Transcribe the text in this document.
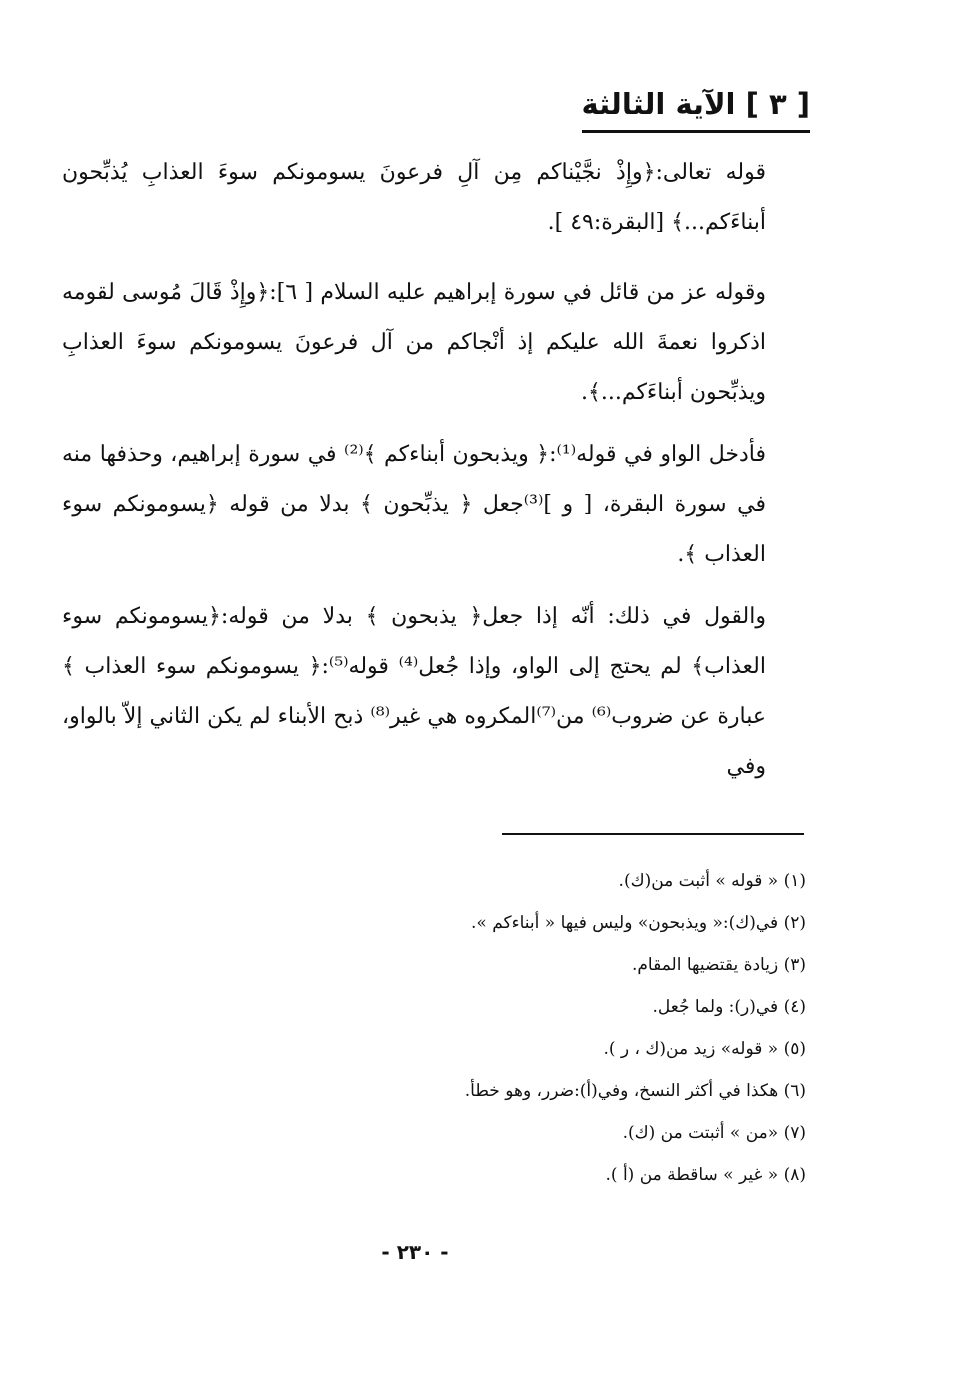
[ ٣ ] الآية الثالثة

قوله تعالى:﴿وإِذْ نجَّيْناكم مِن آلِ فرعونَ يسومونكم سوءَ العذابِ يُذبِّحون أبناءَكم...﴾ [البقرة:٤٩ ].

وقوله عز من قائل في سورة إبراهيم عليه السلام [ ٦]:﴿وإِذْ قَالَ مُوسى لقومه اذكروا نعمةَ الله عليكم إذ أنْجاكم من آل فرعونَ يسومونكم سوءَ العذابِ ويذبِّحون أبناءَكم...﴾.

فأدخل الواو في قوله⁽¹⁾:﴿ ويذبحون أبناءكم ﴾⁽²⁾ في سورة إبراهيم، وحذفها منه في سورة البقرة، [ و ]⁽³⁾جعل ﴿ يذبِّحون ﴾ بدلا من قوله ﴿يسومونكم سوء العذاب ﴾.

والقول في ذلك: أنّه إذا جعل﴿ يذبحون ﴾ بدلا من قوله:﴿يسومونكم سوء العذاب﴾ لم يحتج إلى الواو، وإذا جُعل⁽⁴⁾ قوله⁽⁵⁾:﴿ يسومونكم سوء العذاب ﴾ عبارة عن ضروب⁽⁶⁾ من⁽⁷⁾المكروه هي غير⁽⁸⁾ ذبح الأبناء لم يكن الثاني إلاّ بالواو، وفي

(١) « قوله » أثبت من(ك).
(٢) في(ك):« ويذبحون» وليس فيها « أبناءكم ».
(٣) زيادة يقتضيها المقام.
(٤) في(ر): ولما جُعل.
(٥) « قوله» زيد من(ك ، ر ).
(٦) هكذا في أكثر النسخ، وفي(أ):ضرر، وهو خطأ.
(٧) «من » أثبتت من (ك).
(٨) « غير » ساقطة من (أ ).
- ٢٣٠ -
